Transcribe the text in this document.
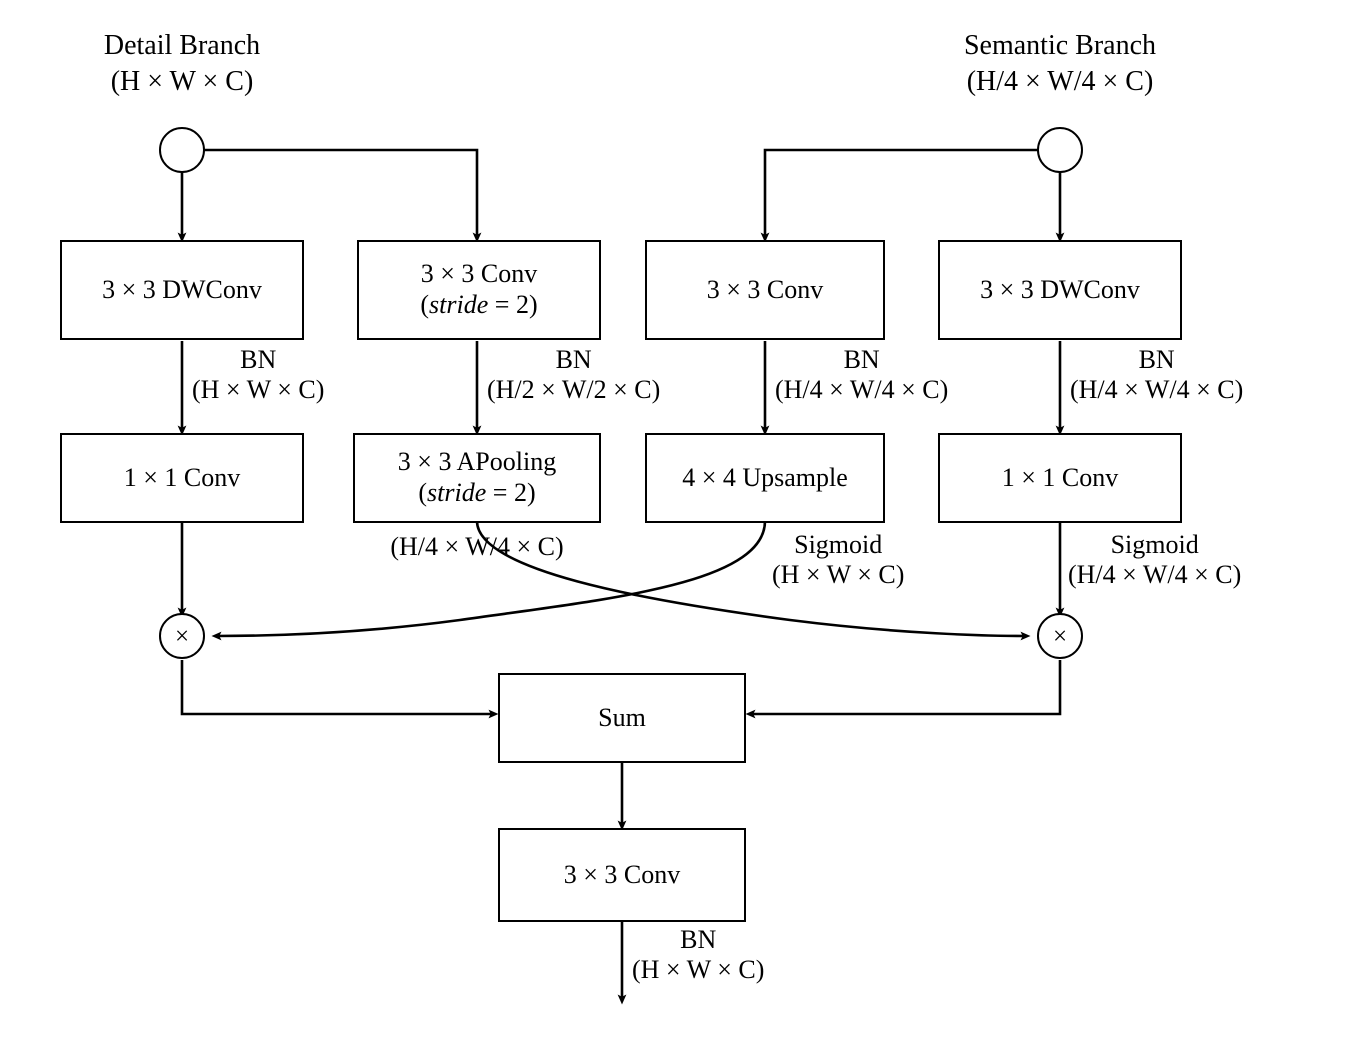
Detail Branch
(H × W × C)
Semantic Branch
(H/4 × W/4 × C)
3 × 3 DWConv
3 × 3 Conv
(stride = 2)
3 × 3 Conv	3 × 3 DWConv
1 × 1 Conv
3 × 3 APooling
(stride = 2)
4 × 4 Upsample	1 × 1 Conv
×	×
Sum
3 × 3 Conv
BN
(H × W × C)
BN
(H/2 × W/2 × C)
BN
(H/4 × W/4 × C)
BN
(H/4 × W/4 × C)
(H/4 × W/4 × C)	Sigmoid
(H × W × C)
Sigmoid
(H/4 × W/4 × C)
BN
(H × W × C)
